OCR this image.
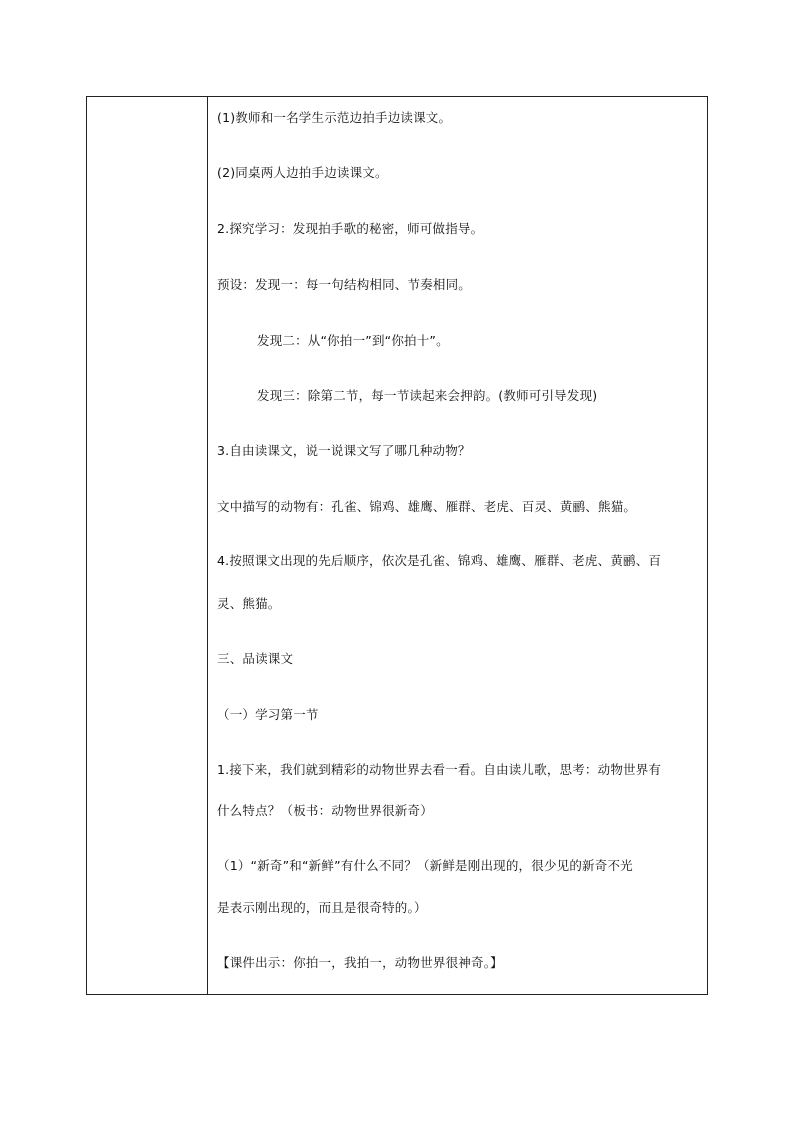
(1)教师和一名学生示范边拍手边读课文。
(2)同桌两人边拍手边读课文。
2.探究学习：发现拍手歌的秘密，师可做指导。
预设：发现一：每一句结构相同、节奏相同。
发现二：从“你拍一”到“你拍十”。
发现三：除第二节，每一节读起来会押韵。(教师可引导发现)
3.自由读课文，说一说课文写了哪几种动物？
文中描写的动物有：孔雀、锦鸡、雄鹰、雁群、老虎、百灵、黄鹂、熊猫。
4.按照课文出现的先后顺序，依次是孔雀、锦鸡、雄鹰、雁群、老虎、黄鹂、百
灵、熊猫。
三、品读课文
（一）学习第一节
1.接下来，我们就到精彩的动物世界去看一看。自由读儿歌，思考：动物世界有
什么特点？（板书：动物世界很新奇）
（1）“新奇”和“新鲜”有什么不同？（新鲜是刚出现的，很少见的新奇不光
是表示刚出现的，而且是很奇特的。）
【课件出示：你拍一，我拍一，动物世界很神奇。】
